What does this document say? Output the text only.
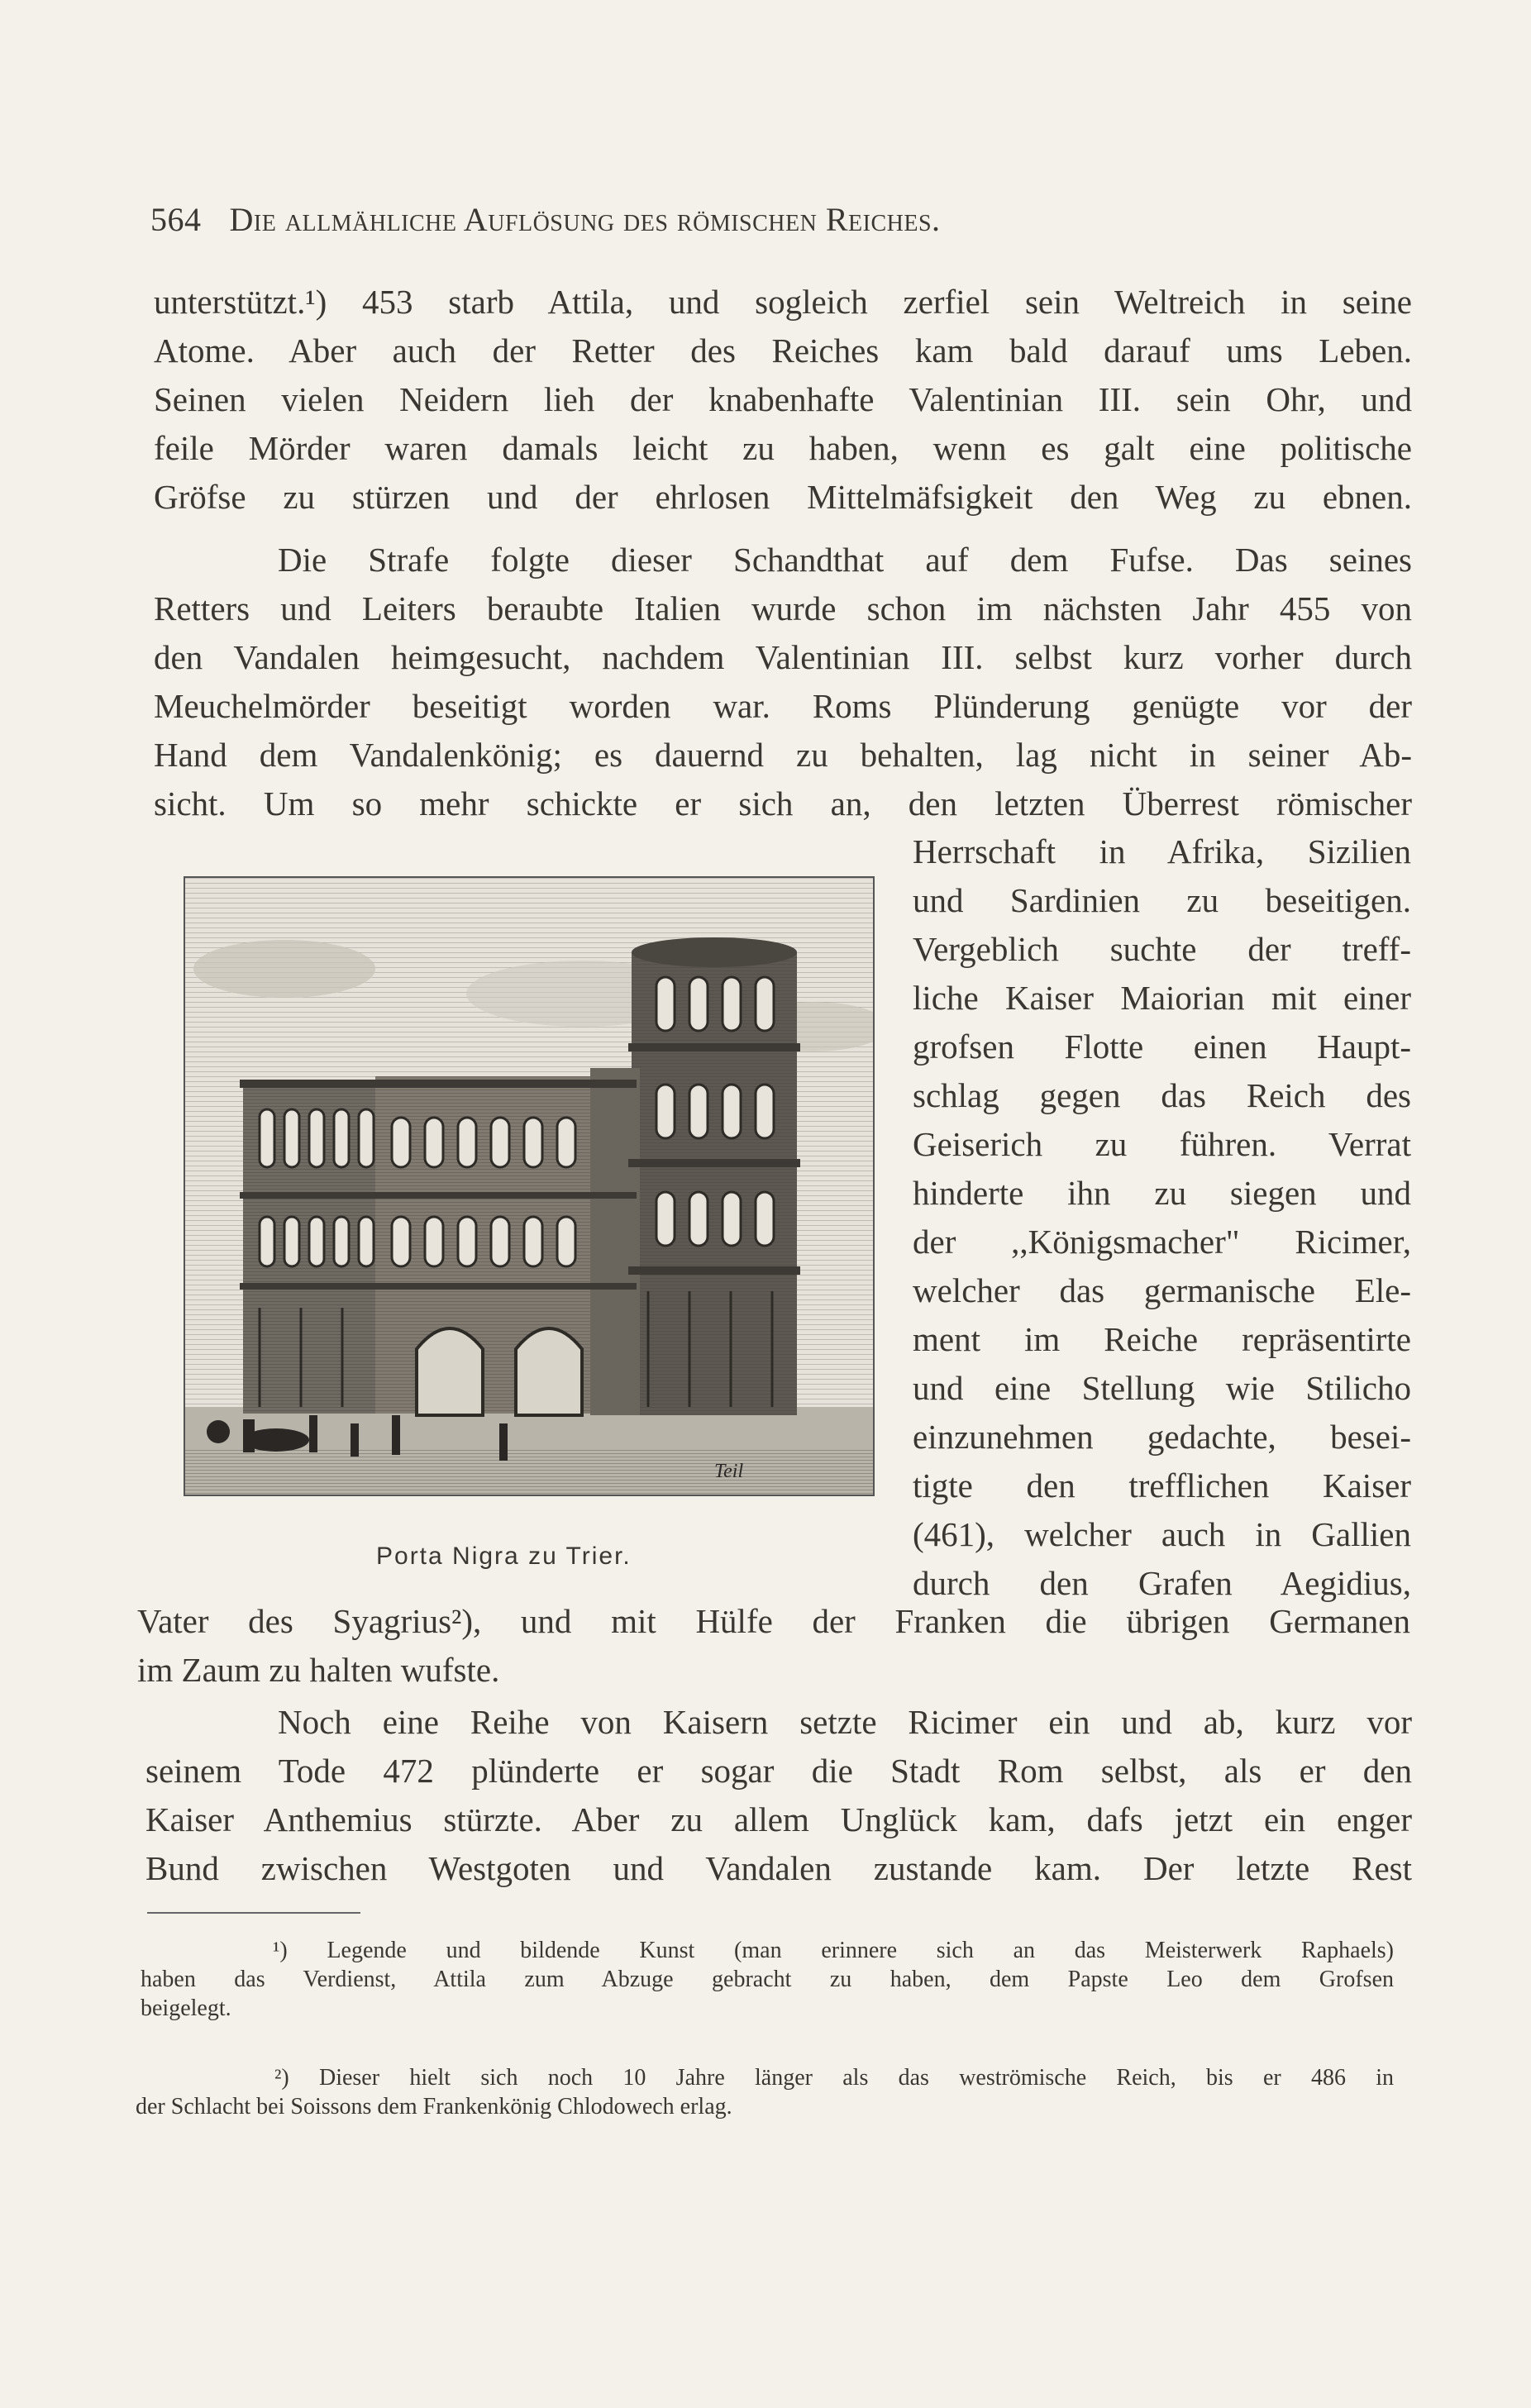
564 Die allmähliche Auflösung des römischen Reiches.
unterstützt.¹) 453 starb Attila, und sogleich zerfiel sein Weltreich in seine
Atome. Aber auch der Retter des Reiches kam bald darauf ums Leben.
Seinen vielen Neidern lieh der knabenhafte Valentinian III. sein Ohr, und
feile Mörder waren damals leicht zu haben, wenn es galt eine politische
Gröfse zu stürzen und der ehrlosen Mittelmäfsigkeit den Weg zu ebnen.
Die Strafe folgte dieser Schandthat auf dem Fufse. Das seines
Retters und Leiters beraubte Italien wurde schon im nächsten Jahr 455 von
den Vandalen heimgesucht, nachdem Valentinian III. selbst kurz vorher durch
Meuchelmörder beseitigt worden war. Roms Plünderung genügte vor der
Hand dem Vandalenkönig; es dauernd zu behalten, lag nicht in seiner Ab-
sicht. Um so mehr schickte er sich an, den letzten Überrest römischer
Herrschaft in Afrika, Sizilien
und Sardinien zu beseitigen.
Vergeblich suchte der treff-
liche Kaiser Maiorian mit einer
grofsen Flotte einen Haupt-
schlag gegen das Reich des
Geiserich zu führen. Verrat
hinderte ihn zu siegen und
der ,,Königsmacher" Ricimer,
welcher das germanische Ele-
ment im Reiche repräsentirte
und eine Stellung wie Stilicho
einzunehmen gedachte, besei-
tigte den trefflichen Kaiser
(461), welcher auch in Gallien
durch den Grafen Aegidius,
Teil
Porta Nigra zu Trier.
Vater des Syagrius²), und mit Hülfe der Franken die übrigen Germanen
im Zaum zu halten wufste.
Noch eine Reihe von Kaisern setzte Ricimer ein und ab, kurz vor
seinem Tode 472 plünderte er sogar die Stadt Rom selbst, als er den
Kaiser Anthemius stürzte. Aber zu allem Unglück kam, dafs jetzt ein enger
Bund zwischen Westgoten und Vandalen zustande kam. Der letzte Rest
¹) Legende und bildende Kunst (man erinnere sich an das Meisterwerk Raphaels)
haben das Verdienst, Attila zum Abzuge gebracht zu haben, dem Papste Leo dem Grofsen
beigelegt.
²) Dieser hielt sich noch 10 Jahre länger als das weströmische Reich, bis er 486 in
der Schlacht bei Soissons dem Frankenkönig Chlodowech erlag.
